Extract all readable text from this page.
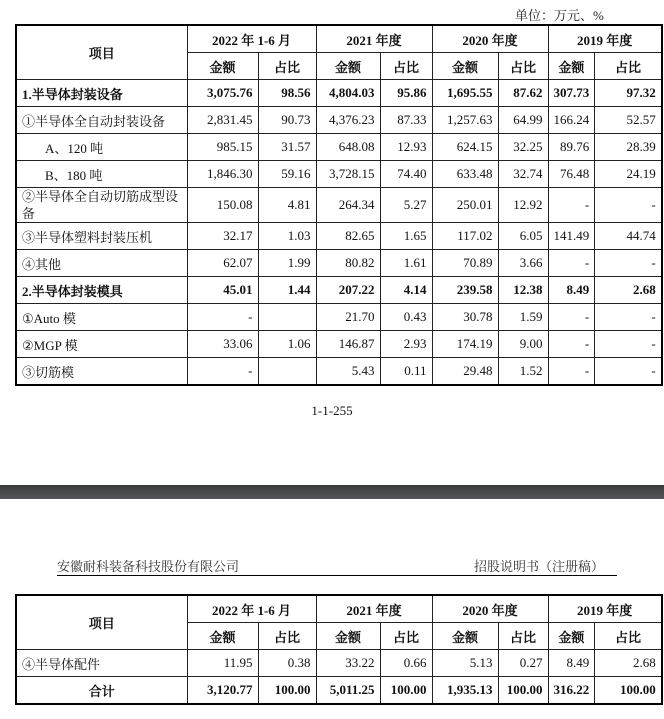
单位：万元、%
项目	2022 年 1-6 月		2021 年度		2020 年度		2019 年度	
	金额	占比	金额	占比	金额	占比	金额	占比
1.半导体封装设备	3,075.76	98.56	4,804.03	95.86	1,695.55	87.62	307.73	97.32
①半导体全自动封装设备	2,831.45	90.73	4,376.23	87.33	1,257.63	64.99	166.24	52.57
A、120 吨	985.15	31.57	648.08	12.93	624.15	32.25	89.76	28.39
B、180 吨	1,846.30	59.16	3,728.15	74.40	633.48	32.74	76.48	24.19
②半导体全自动切筋成型设备	150.08	4.81	264.34	5.27	250.01	12.92	-	-
③半导体塑料封装压机	32.17	1.03	82.65	1.65	117.02	6.05	141.49	44.74
④其他	62.07	1.99	80.82	1.61	70.89	3.66	-	-
2.半导体封装模具	45.01	1.44	207.22	4.14	239.58	12.38	8.49	2.68
①Auto 模	-		21.70	0.43	30.78	1.59	-	-
②MGP 模	33.06	1.06	146.87	2.93	174.19	9.00	-	-
③切筋模	-		5.43	0.11	29.48	1.52	-	-
1-1-255
安徽耐科装备科技股份有限公司	招股说明书（注册稿）
项目	2022 年 1-6 月		2021 年度		2020 年度		2019 年度	
	金额	占比	金额	占比	金额	占比	金额	占比
④半导体配件	11.95	0.38	33.22	0.66	5.13	0.27	8.49	2.68
合计	3,120.77	100.00	5,011.25	100.00	1,935.13	100.00	316.22	100.00
